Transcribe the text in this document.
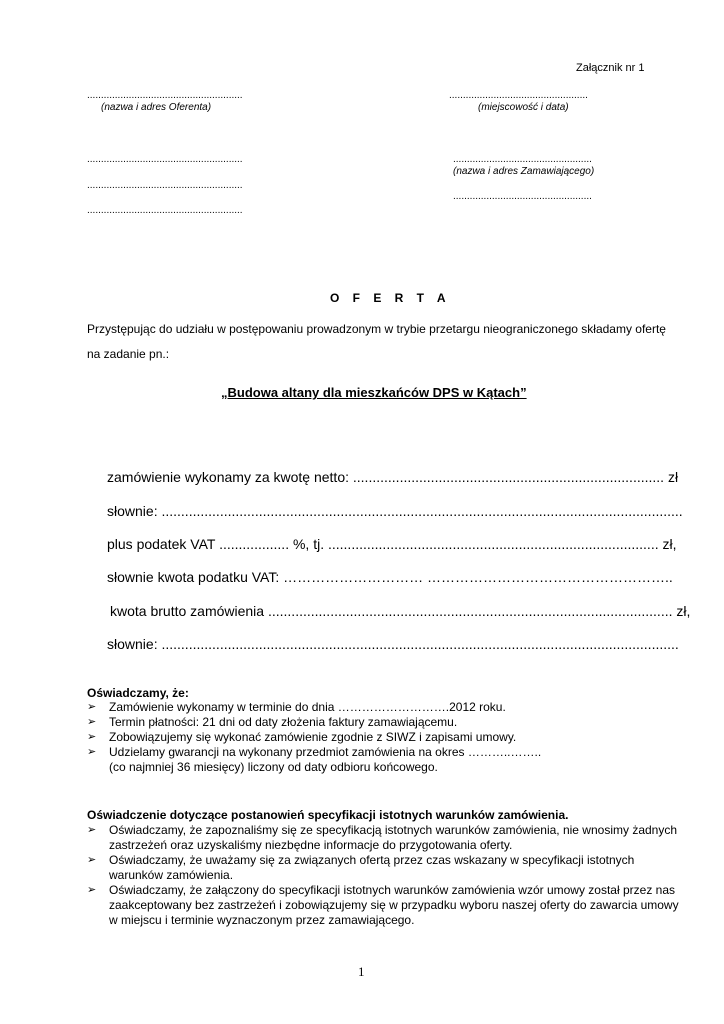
Załącznik nr 1
........................................................
(nazwa i adres Oferenta)
..................................................
(miejscowość i data)
........................................................
........................................................
........................................................
..................................................
(nazwa i adres Zamawiającego)
..................................................
O F E R T A
Przystępując do udziału w postępowaniu prowadzonym w trybie przetargu nieograniczonego składamy ofertę
na zadanie pn.:
„Budowa altany dla mieszkańców DPS w Kątach”
zamówienie wykonamy za kwotę netto: ................................................................................ zł
słownie: ......................................................................................................................................
plus podatek VAT .................. %, tj. ..................................................................................... zł,
słownie kwota podatku VAT: ………………………… ……………………………………………..
kwota brutto zamówienia ........................................................................................................ zł,
słownie: .....................................................................................................................................
Oświadczamy, że:
➢ Zamówienie wykonamy w terminie do dnia ……………………….2012 roku.
➢ Termin płatności: 21 dni od daty złożenia faktury zamawiającemu.
➢ Zobowiązujemy się wykonać zamówienie zgodnie z SIWZ i zapisami umowy.
➢ Udzielamy gwarancji na wykonany przedmiot zamówienia na okres ………..……..
(co najmniej 36 miesięcy) liczony od daty odbioru końcowego.
Oświadczenie dotyczące postanowień specyfikacji istotnych warunków zamówienia.
➢ Oświadczamy, że zapoznaliśmy się ze specyfikacją istotnych warunków zamówienia, nie wnosimy żadnych
zastrzeżeń oraz uzyskaliśmy niezbędne informacje do przygotowania oferty.
➢ Oświadczamy, że uważamy się za związanych ofertą przez czas wskazany w specyfikacji istotnych
warunków zamówienia.
➢ Oświadczamy, że załączony do specyfikacji istotnych warunków zamówienia wzór umowy został przez nas
zaakceptowany bez zastrzeżeń i zobowiązujemy się w przypadku wyboru naszej oferty do zawarcia umowy
w miejscu i terminie wyznaczonym przez zamawiającego.
1
